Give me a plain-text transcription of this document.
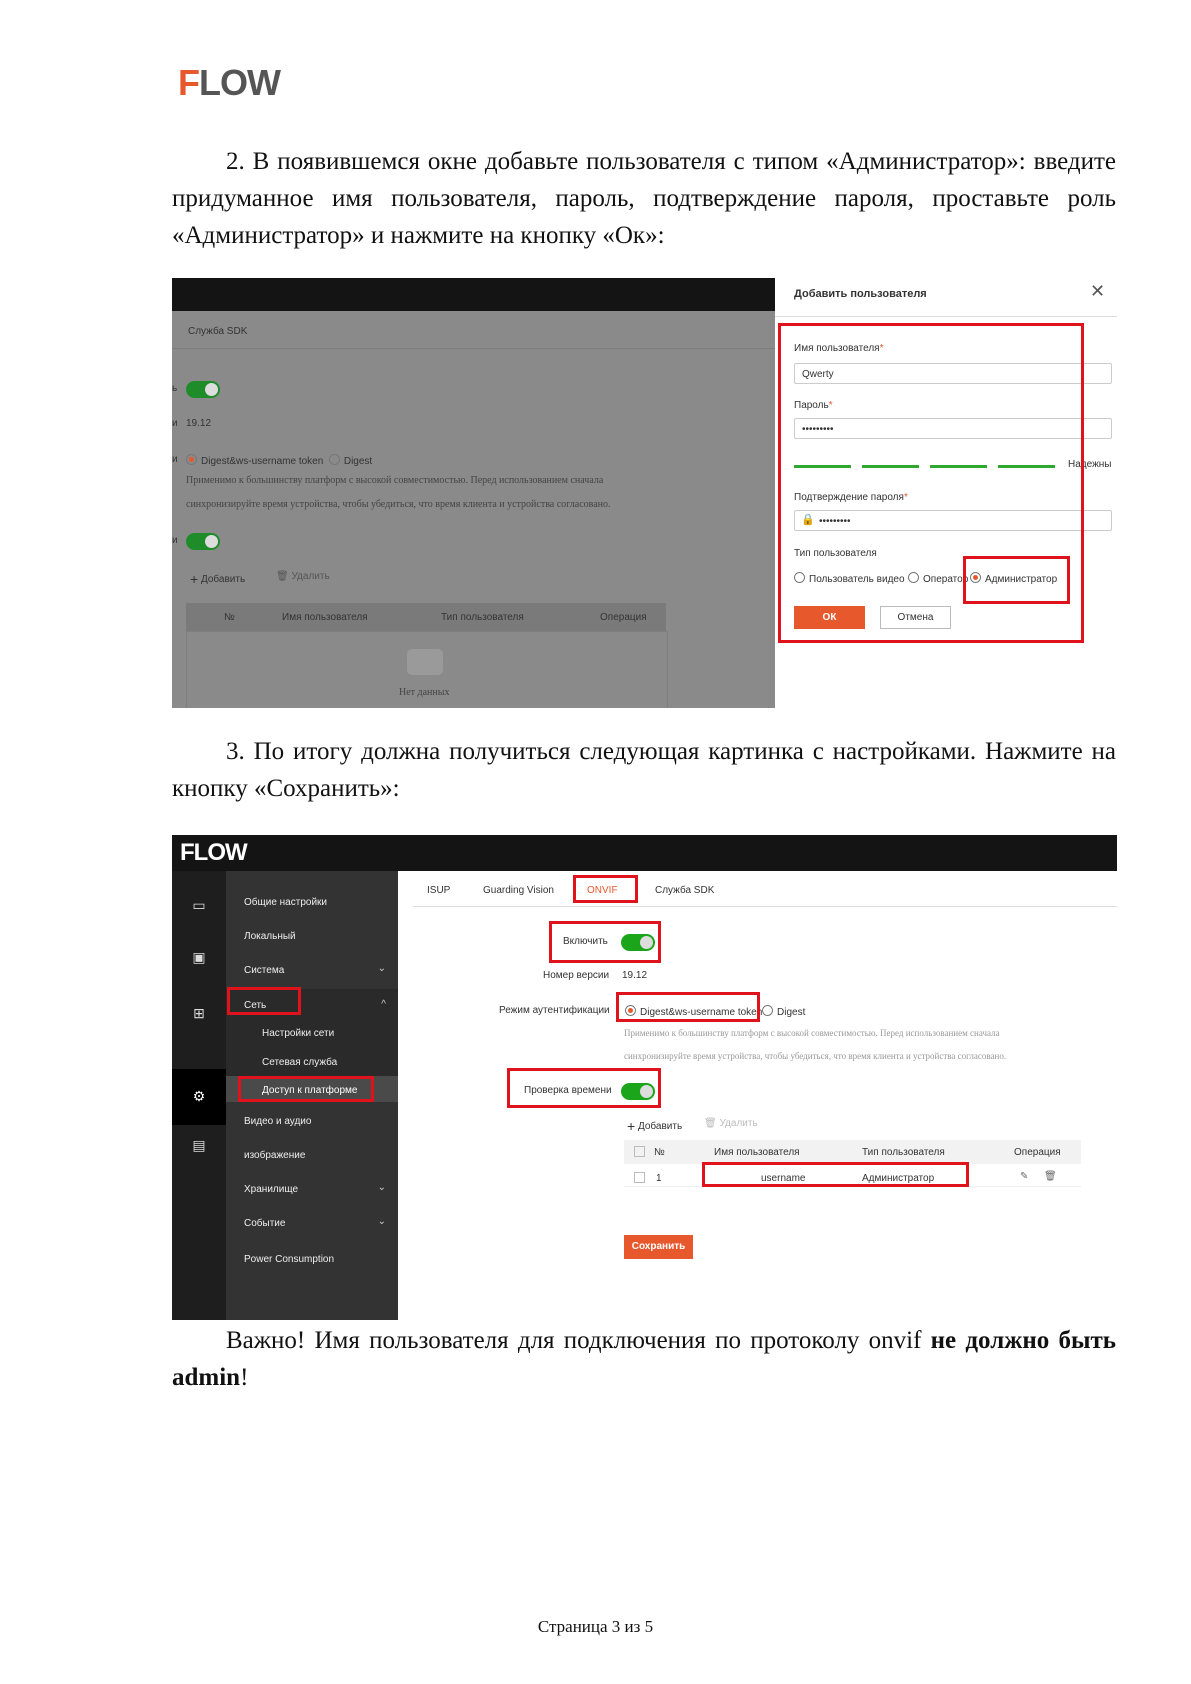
FLOW
2. В появившемся окне добавьте пользователя с типом «Администратор»: введите придуманное имя пользователя, пароль, подтверждение пароля, проставьте роль «Администратор» и нажмите на кнопку «Ок»:
Служба SDK
ь
и 19.12
и	Digest&ws-username token Digest
Применимо к большинству платформ с высокой совместимостью. Перед использованием сначала
синхронизируйте время устройства, чтобы убедиться, что время клиента и устройства согласовано.
и
+ Добавить	🗑 Удалить
№	Имя пользователя	Тип пользователя	Операция
Нет данных
Добавить пользователя	✕
Имя пользователя*
Qwerty
Пароль*
•••••••••
Надежны
Подтверждение пароля*
•••••••••
🔒
Тип пользователя
Пользователь видео	Оператор	Администратор
ОК	Отмена
3. По итогу должна получиться следующая картинка с настройками. Нажмите на кнопку «Сохранить»:
FLOW
▭
▣
⊞
⚙
▤
Общие настройки
Локальный
Система	⌄
Сеть	^
Настройки сети
Сетевая служба
Доступ к платформе
Видео и аудио
изображение
Хранилище	⌄
Событие	⌄
Power Consumption
ISUP	Guarding Vision	ONVIF	Служба SDK
Включить
Номер версии 19.12
Режим аутентификации	Digest&ws-username token	Digest
Применимо к большинству платформ с высокой совместимостью. Перед использованием сначала
синхронизируйте время устройства, чтобы убедиться, что время клиента и устройства согласовано.
Проверка времени
+ Добавить 🗑 Удалить
№	Имя пользователя	Тип пользователя	Операция
1	username	Администратор	✎ 🗑
Сохранить
Важно! Имя пользователя для подключения по протоколу onvif не должно быть admin!
Страница 3 из 5
